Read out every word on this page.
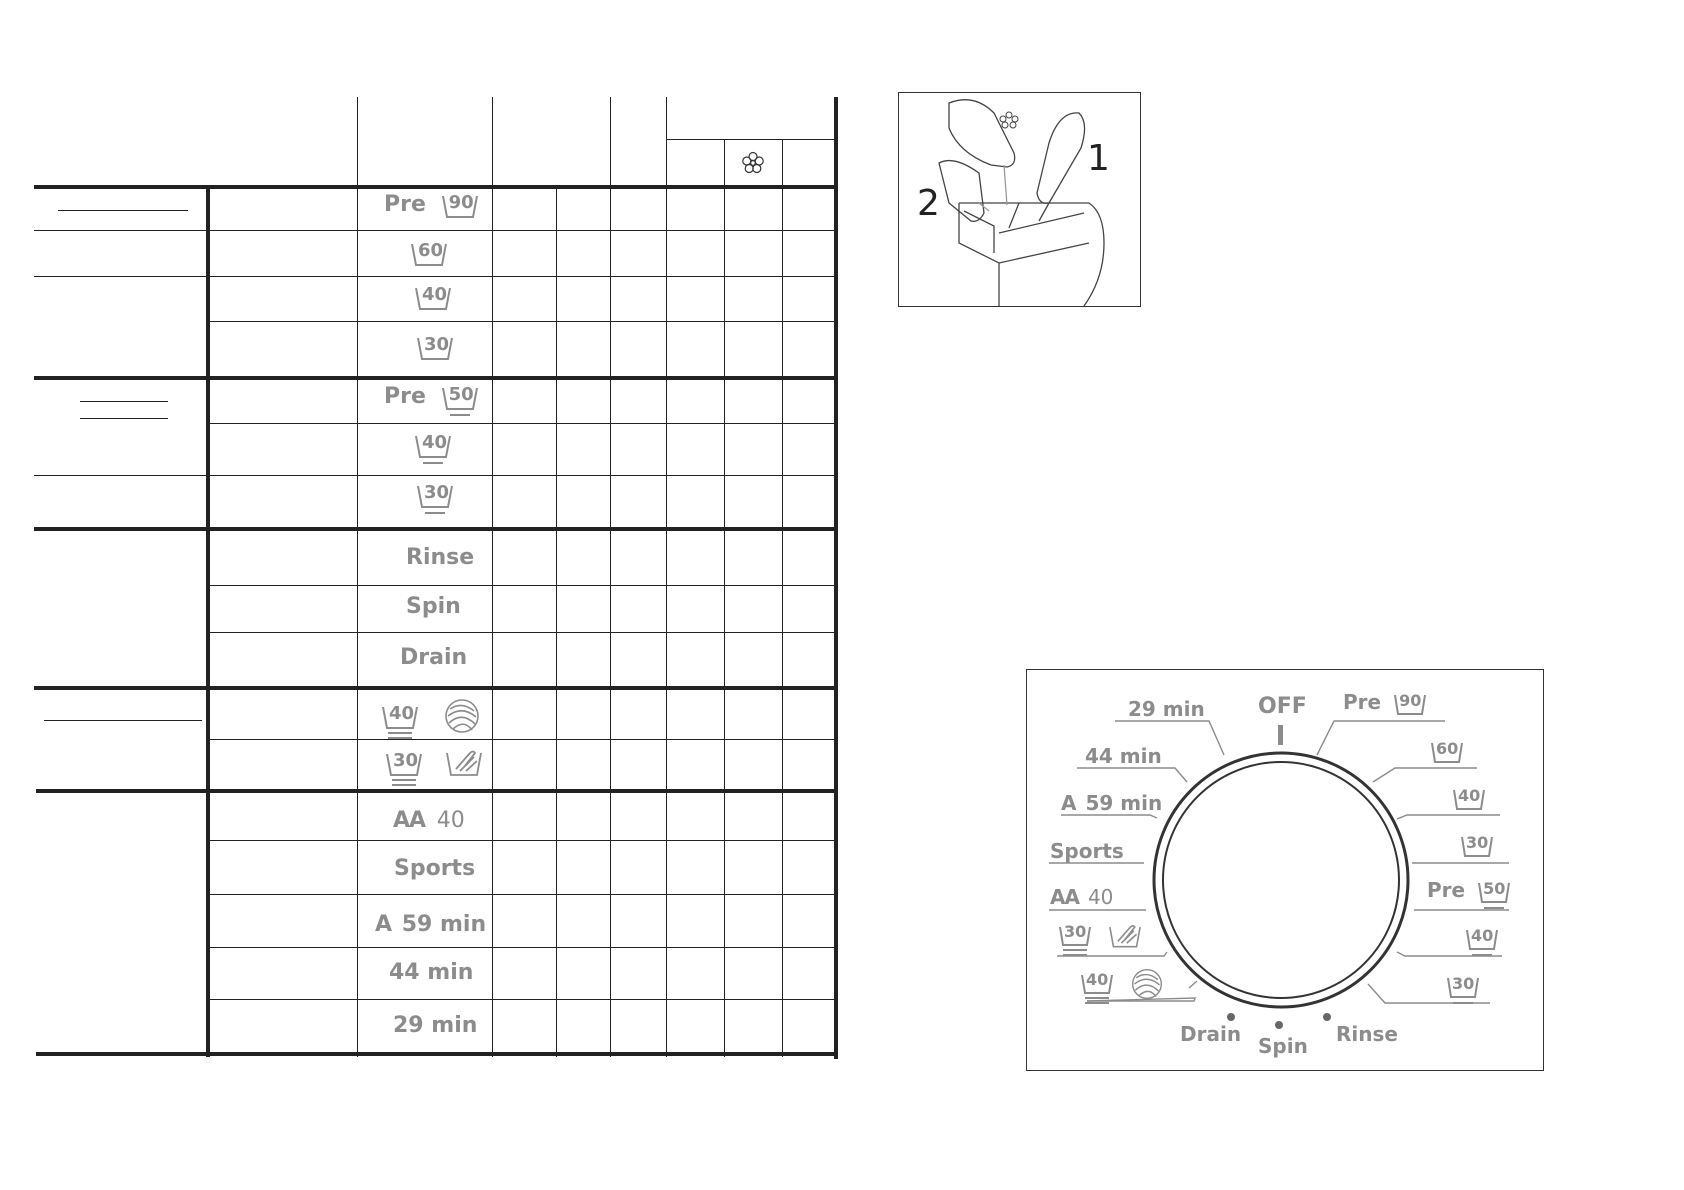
Pre 90
60
40
30
Pre 50
40
30
Rinse
Spin
Drain
40
30
AA 40
Sports
A 59 min
44 min
29 min
1
2
OFF
29 min
44 min
A 59 min
Sports
AA 40
$^{30}$
$^{40}$
Pre $^{90}$
$^{60}$
$^{40}$
$^{30}$
Pre $^{50}$
$^{40}$
$^{30}$
Drain Spin Rinse
